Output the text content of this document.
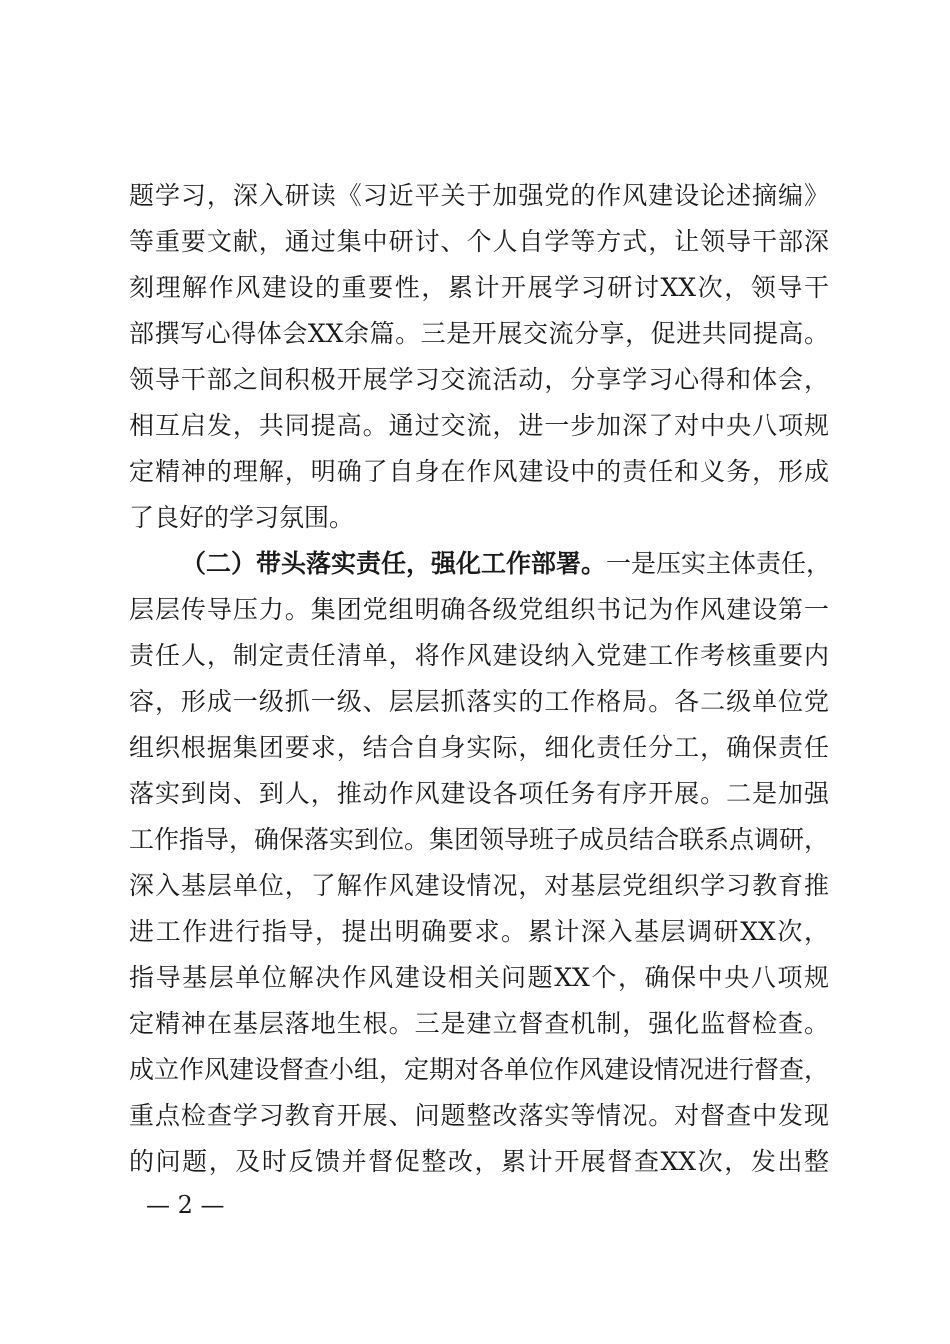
题学习，深入研读《习近平关于加强党的作风建设论述摘编》
等重要文献，通过集中研讨、个人自学等方式，让领导干部深
刻理解作风建设的重要性，累计开展学习研讨XX次，领导干
部撰写心得体会XX余篇。三是开展交流分享，促进共同提高。
领导干部之间积极开展学习交流活动，分享学习心得和体会，
相互启发，共同提高。通过交流，进一步加深了对中央八项规
定精神的理解，明确了自身在作风建设中的责任和义务，形成
了良好的学习氛围。
（二）带头落实责任，强化工作部署。一是压实主体责任，
层层传导压力。集团党组明确各级党组织书记为作风建设第一
责任人，制定责任清单，将作风建设纳入党建工作考核重要内
容，形成一级抓一级、层层抓落实的工作格局。各二级单位党
组织根据集团要求，结合自身实际，细化责任分工，确保责任
落实到岗、到人，推动作风建设各项任务有序开展。二是加强
工作指导，确保落实到位。集团领导班子成员结合联系点调研，
深入基层单位，了解作风建设情况，对基层党组织学习教育推
进工作进行指导，提出明确要求。累计深入基层调研XX次，
指导基层单位解决作风建设相关问题XX个，确保中央八项规
定精神在基层落地生根。三是建立督查机制，强化监督检查。
成立作风建设督查小组，定期对各单位作风建设情况进行督查，
重点检查学习教育开展、问题整改落实等情况。对督查中发现
的问题，及时反馈并督促整改，累计开展督查XX次，发出整
— 2 —
